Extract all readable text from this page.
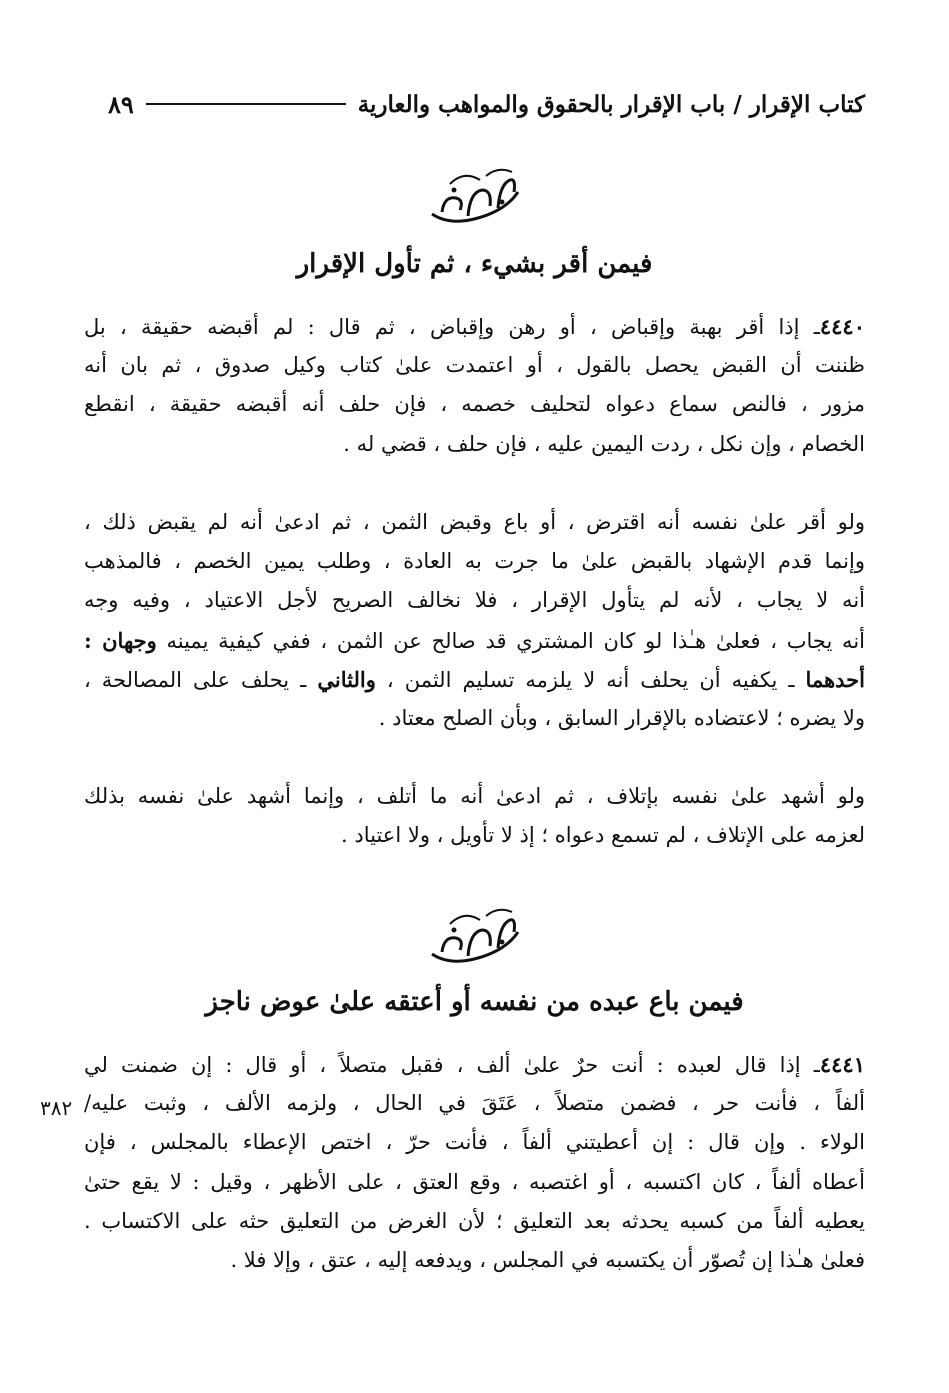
كتاب الإقرار / باب الإقرار بالحقوق والمواهب والعارية
٨٩
فيمن أقر بشيء ، ثم تأول الإقرار
٤٤٤٠ـ إذا أقر بهبة وإقباض ، أو رهن وإقباض ، ثم قال : لم أقبضه حقيقة ، بل
ظننت أن القبض يحصل بالقول ، أو اعتمدت علىٰ كتاب وكيل صدوق ، ثم بان أنه
مزور ، فالنص سماع دعواه لتحليف خصمه ، فإن حلف أنه أقبضه حقيقة ، انقطع
الخصام ، وإن نكل ، ردت اليمين عليه ، فإن حلف ، قضي له .
ولو أقر علىٰ نفسه أنه اقترض ، أو باع وقبض الثمن ، ثم ادعىٰ أنه لم يقبض ذلك ،
وإنما قدم الإشهاد بالقبض علىٰ ما جرت به العادة ، وطلب يمين الخصم ، فالمذهب
أنه لا يجاب ، لأنه لم يتأول الإقرار ، فلا نخالف الصريح لأجل الاعتياد ، وفيه وجه
أنه يجاب ، فعلىٰ هـٰذا لو كان المشتري قد صالح عن الثمن ، ففي كيفية يمينه وجهان :
أحدهما ـ يكفيه أن يحلف أنه لا يلزمه تسليم الثمن ، والثاني ـ يحلف على المصالحة ،
ولا يضره ؛ لاعتضاده بالإقرار السابق ، وبأن الصلح معتاد .
ولو أشهد علىٰ نفسه بإتلاف ، ثم ادعىٰ أنه ما أتلف ، وإنما أشهد علىٰ نفسه بذلك
لعزمه على الإتلاف ، لم تسمع دعواه ؛ إذ لا تأويل ، ولا اعتياد .
فيمن باع عبده من نفسه أو أعتقه علىٰ عوض ناجز
٤٤٤١ـ إذا قال لعبده : أنت حرٌ علىٰ ألف ، فقبل متصلاً ، أو قال : إن ضمنت لي
ألفاً ، فأنت حر ، فضمن متصلاً ، عَتَقَ في الحال ، ولزمه الألف ، وثبت عليه/
الولاء . وإن قال : إن أعطيتني ألفاً ، فأنت حرّ ، اختص الإعطاء بالمجلس ، فإن
أعطاه ألفاً ، كان اكتسبه ، أو اغتصبه ، وقع العتق ، على الأظهر ، وقيل : لا يقع حتىٰ
يعطيه ألفاً من كسبه يحدثه بعد التعليق ؛ لأن الغرض من التعليق حثه على الاكتساب .
فعلىٰ هـٰذا إن تُصوّر أن يكتسبه في المجلس ، ويدفعه إليه ، عتق ، وإلا فلا .
٣٨٢
